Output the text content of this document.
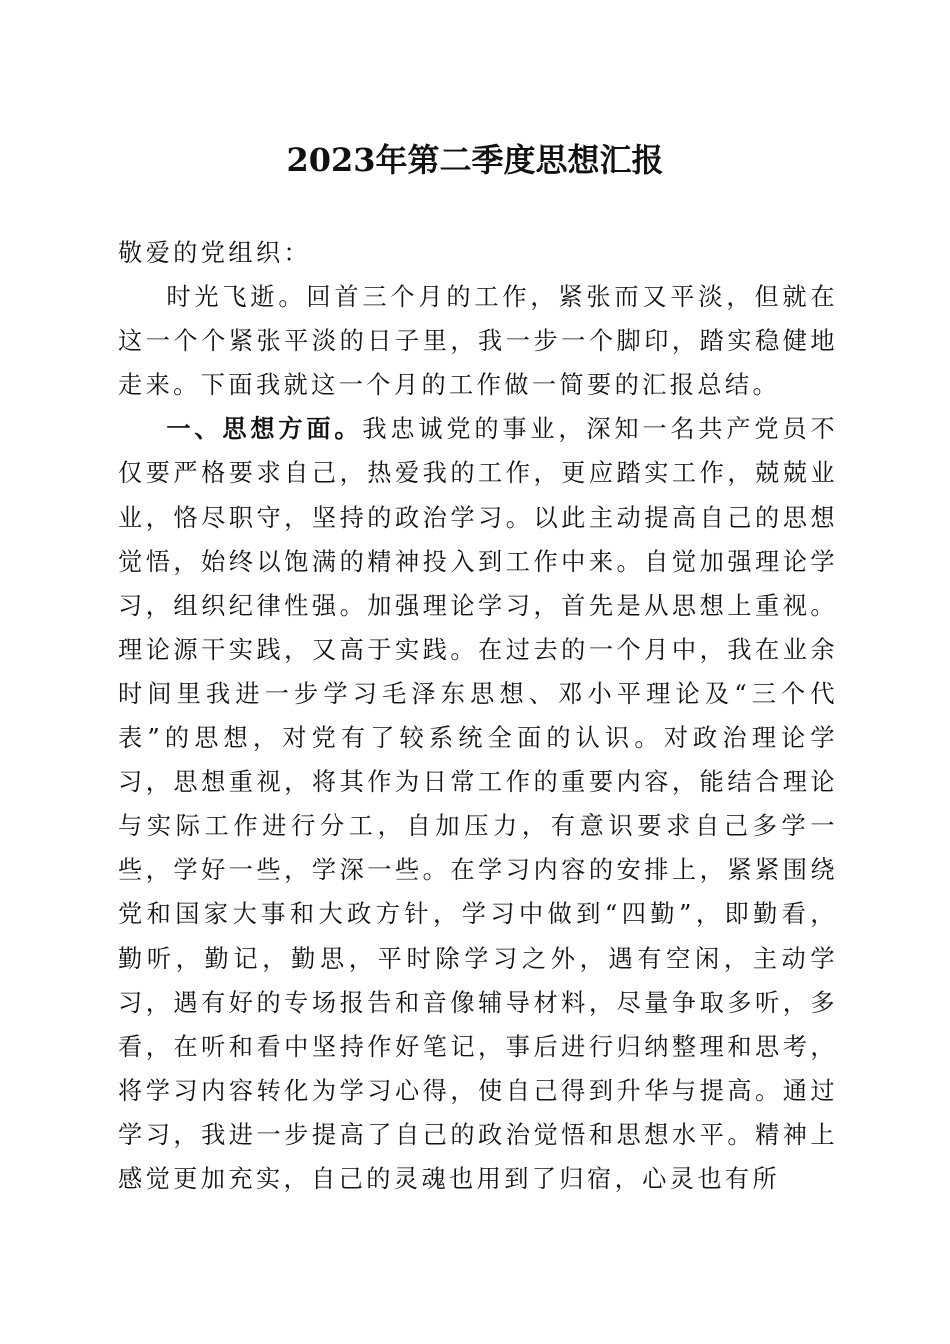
2023年第二季度思想汇报

敬爱的党组织：

时光飞逝。回首三个月的工作，紧张而又平淡，但就在这一个个紧张平淡的日子里，我一步一个脚印，踏实稳健地走来。下面我就这一个月的工作做一简要的汇报总结。

一、思想方面。我忠诚党的事业，深知一名共产党员不仅要严格要求自己，热爱我的工作，更应踏实工作，兢兢业业，恪尽职守，坚持的政治学习。以此主动提高自己的思想觉悟，始终以饱满的精神投入到工作中来。自觉加强理论学习，组织纪律性强。加强理论学习，首先是从思想上重视。理论源干实践，又高于实践。在过去的一个月中，我在业余时间里我进一步学习毛泽东思想、邓小平理论及“三个代表”的思想，对党有了较系统全面的认识。对政治理论学习，思想重视，将其作为日常工作的重要内容，能结合理论与实际工作进行分工，自加压力，有意识要求自己多学一些，学好一些，学深一些。在学习内容的安排上，紧紧围绕党和国家大事和大政方针，学习中做到“四勤”，即勤看，勤听，勤记，勤思，平时除学习之外，遇有空闲，主动学习，遇有好的专场报告和音像辅导材料，尽量争取多听，多看，在听和看中坚持作好笔记，事后进行归纳整理和思考，将学习内容转化为学习心得，使自己得到升华与提高。通过学习，我进一步提高了自己的政治觉悟和思想水平。精神上感觉更加充实，自己的灵魂也用到了归宿，心灵也有所
